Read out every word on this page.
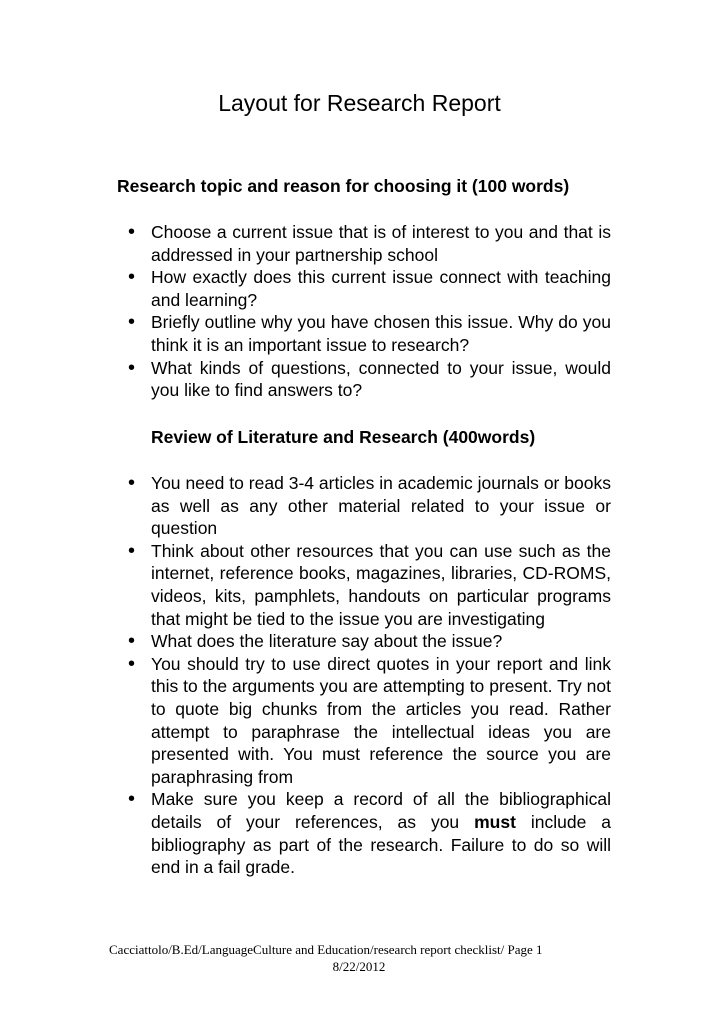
Layout for Research Report
Research topic and reason for choosing it (100 words)
•
Choose a current issue that is of interest to you and that is addressed in your partnership school
•
How exactly does this current issue connect with teaching and learning?
•
Briefly outline why you have chosen this issue. Why do you think it is an important issue to research?
•
What kinds of questions, connected to your issue, would you like to find answers to?
Review of Literature and Research (400words)
•
You need to read 3-4 articles in academic journals or books as well as any other material related to your issue or question
•
Think about other resources that you can use such as the internet, reference books, magazines, libraries, CD-ROMS, videos, kits, pamphlets, handouts on particular programs that might be tied to the issue you are investigating
•
What does the literature say about the issue?
•
You should try to use direct quotes in your report and link this to the arguments you are attempting to present. Try not to quote big chunks from the articles you read. Rather attempt to paraphrase the intellectual ideas you are presented with. You must reference the source you are paraphrasing from
•
Make sure you keep a record of all the bibliographical details of your references, as you must include a bibliography as part of the research. Failure to do so will end in a fail grade.
Cacciattolo/B.Ed/LanguageCulture and Education/research report checklist/ Page 1
8/22/2012
